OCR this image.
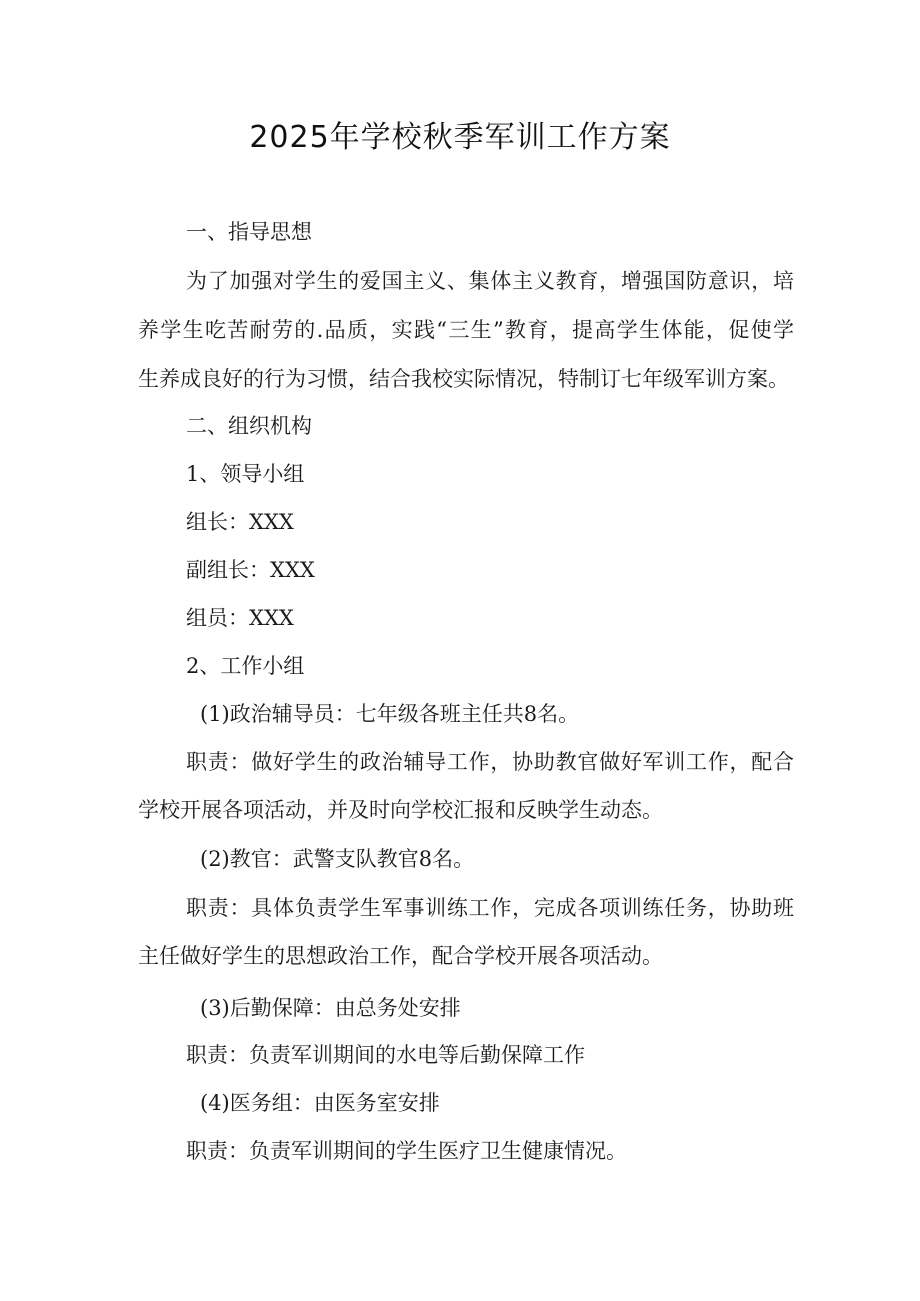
2025年学校秋季军训工作方案
一、指导思想
为了加强对学生的爱国主义、集体主义教育，增强国防意识，培
养学生吃苦耐劳的.品质，实践“三生”教育，提高学生体能，促使学
生养成良好的行为习惯，结合我校实际情况，特制订七年级军训方案。
二、组织机构
1、领导小组
组长：XXX
副组长：XXX
组员：XXX
2、工作小组
(1)政治辅导员：七年级各班主任共8名。
职责：做好学生的政治辅导工作，协助教官做好军训工作，配合
学校开展各项活动，并及时向学校汇报和反映学生动态。
(2)教官：武警支队教官8名。
职责：具体负责学生军事训练工作，完成各项训练任务，协助班
主任做好学生的思想政治工作，配合学校开展各项活动。
(3)后勤保障：由总务处安排
职责：负责军训期间的水电等后勤保障工作
(4)医务组：由医务室安排
职责：负责军训期间的学生医疗卫生健康情况。
